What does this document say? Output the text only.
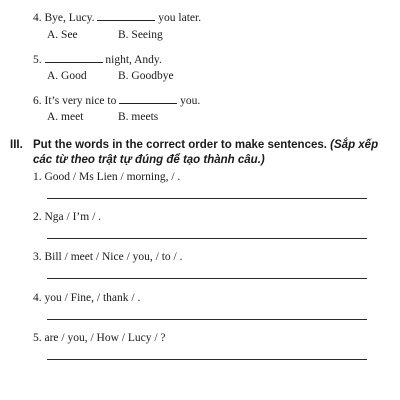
4. Bye, Lucy.	you later.
A. See	B. Seeing
5.	night, Andy.
A. Good	B. Goodbye
6. It’s very nice to	you.
A. meet	B. meets
III. Put the words in the correct order to make sentences. (Sắp xếp các từ theo trật tự đúng để tạo thành câu.)
1. Good / Ms Lien / morning, / .
2. Nga / I’m / .
3. Bill / meet / Nice / you, / to / .
4. you / Fine, / thank / .
5. are / you, / How / Lucy / ?
